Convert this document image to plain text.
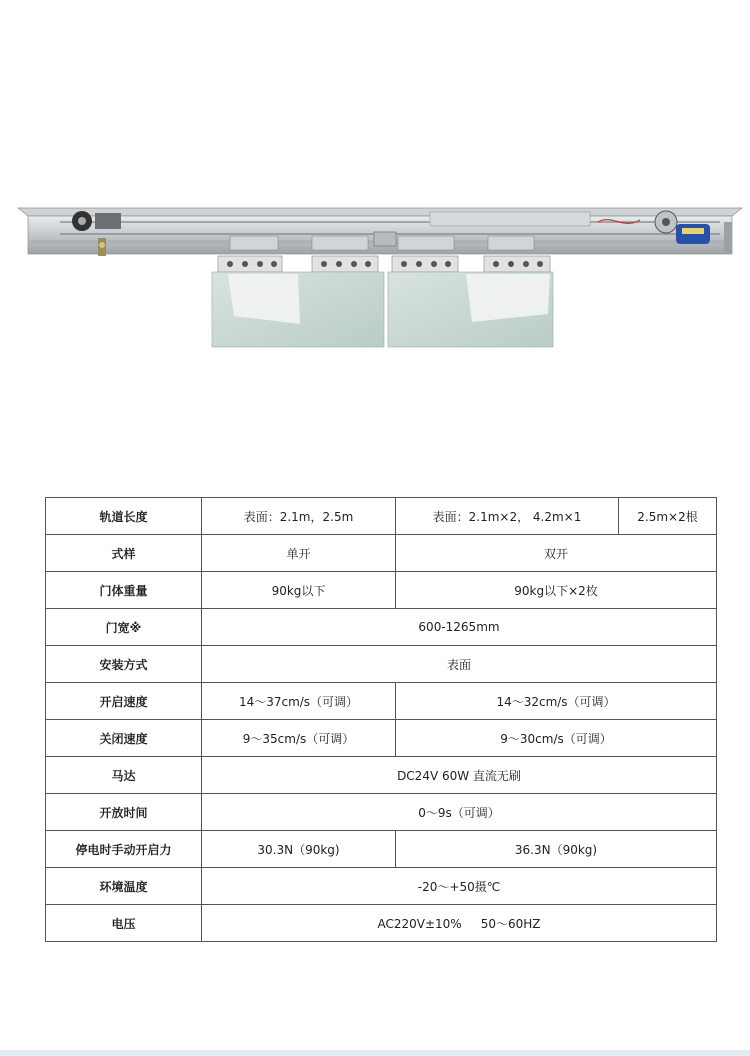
轨道长度	表面：2.1m，2.5m	表面：2.1m×2， 4.2m×1	2.5m×2根
式样	单开	双开	
门体重量	90kg以下	90kg以下×2枚	
门宽※	600-1265mm		
安装方式	表面		
开启速度	14～37cm/s（可调）	14～32cm/s（可调）	
关闭速度	9～35cm/s（可调）	9～30cm/s（可调）	
马达	DC24V 60W 直流无刷		
开放时间	0～9s（可调）		
停电时手动开启力	30.3N（90kg)	36.3N（90kg)	
环境温度	-20～+50摄℃		
电压	AC220V±10%     50～60HZ		
